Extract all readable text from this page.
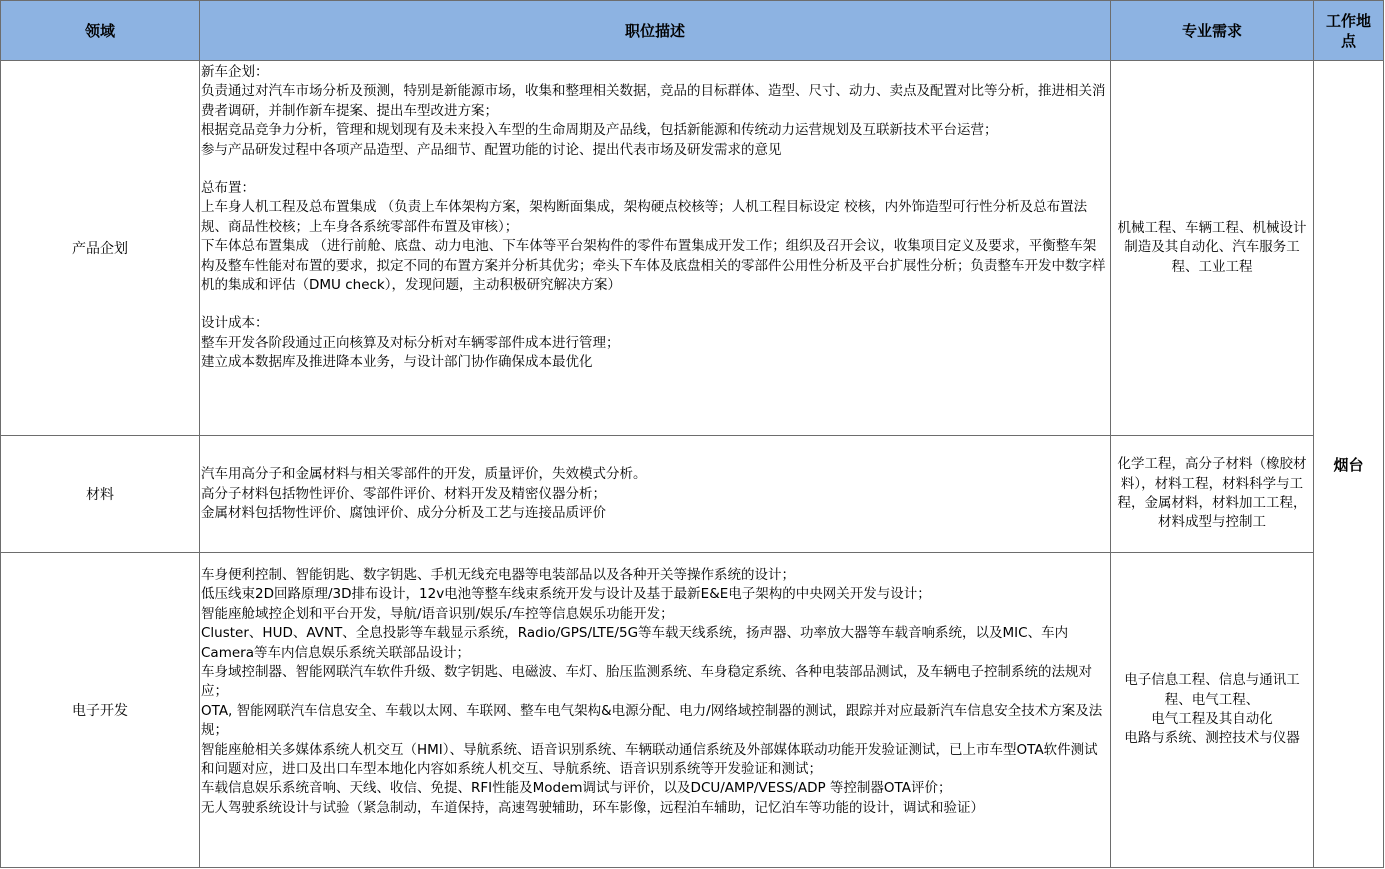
领域	职位描述	专业需求
工作地点
产品企划
新车企划：
负责通过对汽车市场分析及预测，特别是新能源市场，收集和整理相关数据，竞品的目标群体、造型、尺寸、动力、卖点及配置对比等分析，推进相关消费者调研，并制作新车提案、提出车型改进方案；
根据竞品竞争力分析，管理和规划现有及未来投入车型的生命周期及产品线，包括新能源和传统动力运营规划及互联新技术平台运营；
参与产品研发过程中各项产品造型、产品细节、配置功能的讨论、提出代表市场及研发需求的意见
总布置：
上车身人机工程及总布置集成 （负责上车体架构方案，架构断面集成，架构硬点校核等；人机工程目标设定 校核，内外饰造型可行性分析及总布置法规、商品性校核；上车身各系统零部件布置及审核）；
下车体总布置集成 （进行前舱、底盘、动力电池、下车体等平台架构件的零件布置集成开发工作；组织及召开会议，收集项目定义及要求，平衡整车架构及整车性能对布置的要求，拟定不同的布置方案并分析其优劣；牵头下车体及底盘相关的零部件公用性分析及平台扩展性分析；负责整车开发中数字样机的集成和评估（DMU check），发现问题，主动积极研究解决方案）
设计成本：
整车开发各阶段通过正向核算及对标分析对车辆零部件成本进行管理；
建立成本数据库及推进降本业务，与设计部门协作确保成本最优化
机械工程、车辆工程、机械设计制造及其自动化、汽车服务工程、工业工程
材料
汽车用高分子和金属材料与相关零部件的开发，质量评价，失效模式分析。
高分子材料包括物性评价、零部件评价、材料开发及精密仪器分析；
金属材料包括物性评价、腐蚀评价、成分分析及工艺与连接品质评价
化学工程，高分子材料（橡胶材料），材料工程，材料科学与工程，金属材料，材料加工工程，材料成型与控制工
电子开发
车身便利控制、智能钥匙、数字钥匙、手机无线充电器等电装部品以及各种开关等操作系统的设计；
低压线束2D回路原理/3D排布设计，12v电池等整车线束系统开发与设计及基于最新E&E电子架构的中央网关开发与设计；
智能座舱域控企划和平台开发，导航/语音识别/娱乐/车控等信息娱乐功能开发；
Cluster、HUD、AVNT、全息投影等车载显示系统，Radio/GPS/LTE/5G等车载天线系统，扬声器、功率放大器等车载音响系统，以及MIC、车内Camera等车内信息娱乐系统关联部品设计；
车身域控制器、智能网联汽车软件升级、数字钥匙、电磁波、车灯、胎压监测系统、车身稳定系统、各种电装部品测试，及车辆电子控制系统的法规对应；
OTA, 智能网联汽车信息安全、车载以太网、车联网、整车电气架构&电源分配、电力/网络域控制器的测试，跟踪并对应最新汽车信息安全技术方案及法规；
智能座舱相关多媒体系统人机交互（HMI）、导航系统、语音识别系统、车辆联动通信系统及外部媒体联动功能开发验证测试，已上市车型OTA软件测试和问题对应，进口及出口车型本地化内容如系统人机交互、导航系统、语音识别系统等开发验证和测试；
车载信息娱乐系统音响、天线、收信、免提、RFI性能及Modem调试与评价，以及DCU/AMP/VESS/ADP 等控制器OTA评价；
无人驾驶系统设计与试验（紧急制动，车道保持，高速驾驶辅助，环车影像，远程泊车辅助，记忆泊车等功能的设计，调试和验证）
电子信息工程、信息与通讯工程、电气工程、
电气工程及其自动化
电路与系统、测控技术与仪器
烟台
